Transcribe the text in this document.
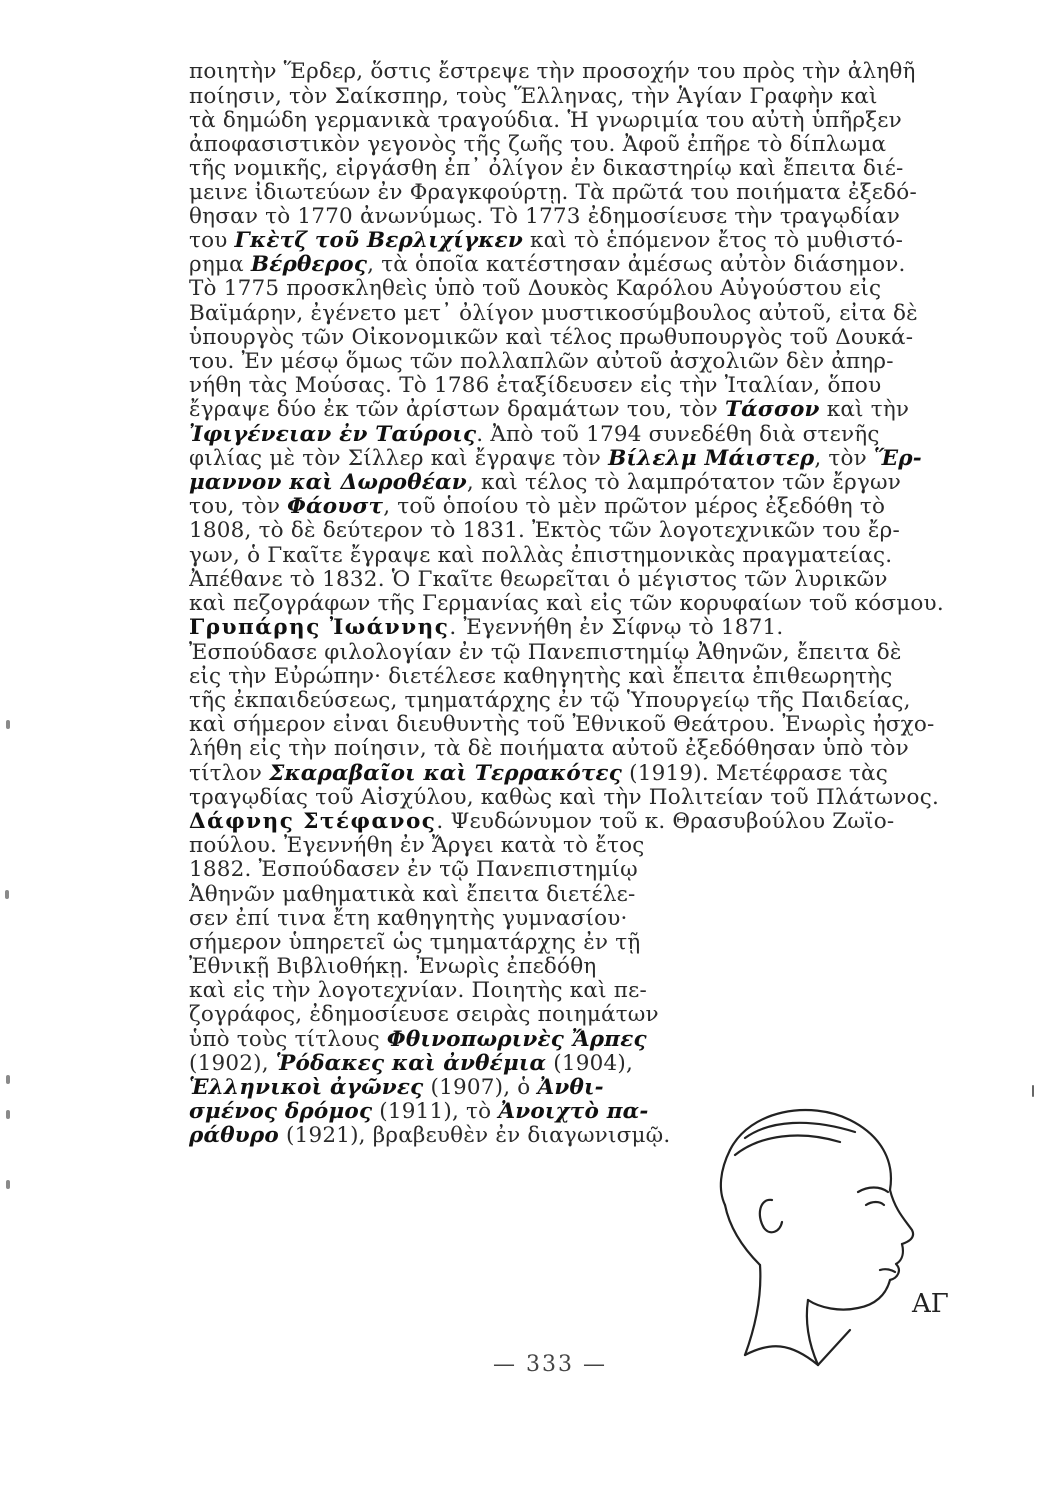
ποιητὴν Ἕρδερ, ὅστις ἔστρεψε τὴν προσοχήν του πρὸς τὴν ἀληθῆ
ποίησιν, τὸν Σαίκσπηρ, τοὺς Ἕλληνας, τὴν Ἁγίαν Γραφὴν καὶ
τὰ δημώδη γερμανικὰ τραγούδια. Ἡ γνωριμία του αὐτὴ ὑπῆρξεν
ἀποφασιστικὸν γεγονὸς τῆς ζωῆς του. Ἀφοῦ ἐπῆρε τὸ δίπλωμα
τῆς νομικῆς, εἰργάσθη ἐπ᾽ ὀλίγον ἐν δικαστηρίῳ καὶ ἔπειτα διέ-
μεινε ἰδιωτεύων ἐν Φραγκφούρτῃ. Τὰ πρῶτά του ποιήματα ἐξεδό-
θησαν τὸ 1770 ἀνωνύμως. Τὸ 1773 ἐδημοσίευσε τὴν τραγῳδίαν
του Γκὲτζ τοῦ Βερλιχίγκεν καὶ τὸ ἑπόμενον ἔτος τὸ μυθιστό-
ρημα Βέρθερος, τὰ ὁποῖα κατέστησαν ἀμέσως αὐτὸν διάσημον.
Τὸ 1775 προσκληθεὶς ὑπὸ τοῦ Δουκὸς Καρόλου Αὐγούστου εἰς
Βαϊμάρην, ἐγένετο μετ᾽ ὀλίγον μυστικοσύμβουλος αὐτοῦ, εἶτα δὲ
ὑπουργὸς τῶν Οἰκονομικῶν καὶ τέλος πρωθυπουργὸς τοῦ Δουκά-
του. Ἐν μέσῳ ὅμως τῶν πολλαπλῶν αὐτοῦ ἀσχολιῶν δὲν ἀπηρ-
νήθη τὰς Μούσας. Τὸ 1786 ἐταξίδευσεν εἰς τὴν Ἰταλίαν, ὅπου
ἔγραψε δύο ἐκ τῶν ἀρίστων δραμάτων του, τὸν Τάσσον καὶ τὴν
Ἰφιγένειαν ἐν Ταύροις. Ἀπὸ τοῦ 1794 συνεδέθη διὰ στενῆς
φιλίας μὲ τὸν Σίλλερ καὶ ἔγραψε τὸν Βίλελμ Μάιστερ, τὸν Ἕρ-
μαννον καὶ Δωροθέαν, καὶ τέλος τὸ λαμπρότατον τῶν ἔργων
του, τὸν Φάουστ, τοῦ ὁποίου τὸ μὲν πρῶτον μέρος ἐξεδόθη τὸ
1808, τὸ δὲ δεύτερον τὸ 1831. Ἐκτὸς τῶν λογοτεχνικῶν του ἔρ-
γων, ὁ Γκαῖτε ἔγραψε καὶ πολλὰς ἐπιστημονικὰς πραγματείας.
Ἀπέθανε τὸ 1832. Ὁ Γκαῖτε θεωρεῖται ὁ μέγιστος τῶν λυρικῶν
καὶ πεζογράφων τῆς Γερμανίας καὶ εἰς τῶν κορυφαίων τοῦ κόσμου.
Γρυπάρης Ἰωάννης. Ἐγεννήθη ἐν Σίφνῳ τὸ 1871.
Ἐσπούδασε φιλολογίαν ἐν τῷ Πανεπιστημίῳ Ἀθηνῶν, ἔπειτα δὲ
εἰς τὴν Εὐρώπην· διετέλεσε καθηγητὴς καὶ ἔπειτα ἐπιθεωρητὴς
τῆς ἐκπαιδεύσεως, τμηματάρχης ἐν τῷ Ὑπουργείῳ τῆς Παιδείας,
καὶ σήμερον εἶναι διευθυντὴς τοῦ Ἐθνικοῦ Θεάτρου. Ἐνωρὶς ἠσχο-
λήθη εἰς τὴν ποίησιν, τὰ δὲ ποιήματα αὐτοῦ ἐξεδόθησαν ὑπὸ τὸν
τίτλον Σκαραβαῖοι καὶ Τερρακότες (1919). Μετέφρασε τὰς
τραγῳδίας τοῦ Αἰσχύλου, καθὼς καὶ τὴν Πολιτείαν τοῦ Πλάτωνος.
Δάφνης Στέφανος. Ψευδώνυμον τοῦ κ. Θρασυβούλου Ζωϊο-
πούλου. Ἐγεννήθη ἐν Ἄργει κατὰ τὸ ἔτος
1882. Ἐσπούδασεν ἐν τῷ Πανεπιστημίῳ
Ἀθηνῶν μαθηματικὰ καὶ ἔπειτα διετέλε-
σεν ἐπί τινα ἔτη καθηγητὴς γυμνασίου·
σήμερον ὑπηρετεῖ ὡς τμηματάρχης ἐν τῇ
Ἐθνικῇ Βιβλιοθήκῃ. Ἐνωρὶς ἐπεδόθη
καὶ εἰς τὴν λογοτεχνίαν. Ποιητὴς καὶ πε-
ζογράφος, ἐδημοσίευσε σειρὰς ποιημάτων
ὑπὸ τοὺς τίτλους Φθινοπωρινὲς Ἄρπες
(1902), Ῥόδακες καὶ ἀνθέμια (1904),
Ἑλληνικοὶ ἀγῶνες (1907), ὁ Ἀνθι-
σμένος δρόμος (1911), τὸ Ἀνοιχτὸ πα-
ράθυρο (1921), βραβευθὲν ἐν διαγωνισμῷ.
ΑΓ
— 333 —
